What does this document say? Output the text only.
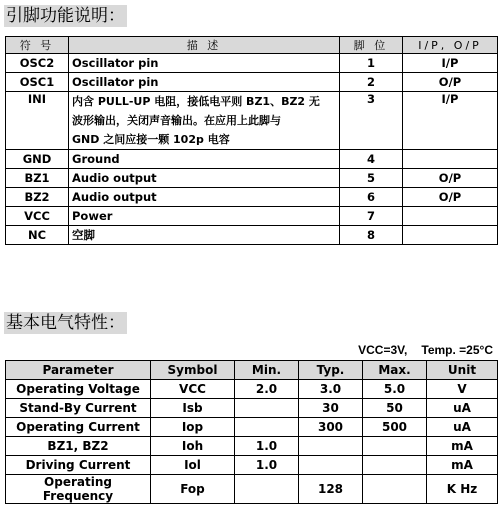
引脚功能说明：
符 号	描 述	脚 位	I/P, O/P
OSC2	Oscillator pin	1	I/P
OSC1	Oscillator pin	2	O/P
INI	内含 PULL-UP 电阻，接低电平则 BZ1、BZ2 无
波形输出，关闭声音输出。在应用上此脚与
GND 之间应接一颗 102p 电容	3	I/P
GND	Ground	4	
BZ1	Audio output	5	O/P
BZ2	Audio output	6	O/P
VCC	Power	7	
NC	空脚	8	
基本电气特性：
VCC=3V, Temp. =25°C
Parameter	Symbol	Min.	Typ.	Max.	Unit
Operating Voltage	VCC	2.0	3.0	5.0	V
Stand-By Current	Isb		30	50	uA
Operating Current	Iop		300	500	uA
BZ1, BZ2	Ioh	1.0			mA
Driving Current	Iol	1.0			mA
Operating Frequency	Fop		128		K Hz
